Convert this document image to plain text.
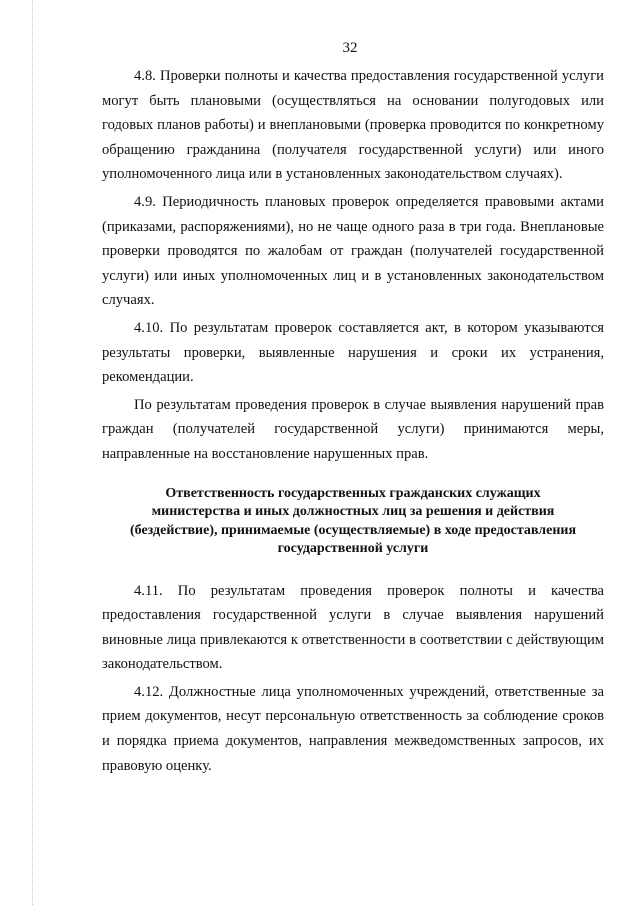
32

4.8. Проверки полноты и качества предоставления государственной услуги могут быть плановыми (осуществляться на основании полугодовых или годовых планов работы) и внеплановыми (проверка проводится по конкретному обращению гражданина (получателя государственной услуги) или иного уполномоченного лица или в установленных законодательством случаях).

4.9. Периодичность плановых проверок определяется правовыми актами (приказами, распоряжениями), но не чаще одного раза в три года. Внеплановые проверки проводятся по жалобам от граждан (получателей государственной услуги) или иных уполномоченных лиц и в установленных законодательством случаях.

4.10. По результатам проверок составляется акт, в котором указываются результаты проверки, выявленные нарушения и сроки их устранения, рекомендации.

По результатам проведения проверок в случае выявления нарушений прав граждан (получателей государственной услуги) принимаются меры, направленные на восстановление нарушенных прав.

Ответственность государственных гражданских служащих министерства и иных должностных лиц за решения и действия (бездействие), принимаемые (осуществляемые) в ходе предоставления государственной услуги

4.11. По результатам проведения проверок полноты и качества предоставления государственной услуги в случае выявления нарушений виновные лица привлекаются к ответственности в соответствии с действующим законодательством.

4.12. Должностные лица уполномоченных учреждений, ответственные за прием документов, несут персональную ответственность за соблюдение сроков и порядка приема документов, направления межведомственных запросов, их правовую оценку.
